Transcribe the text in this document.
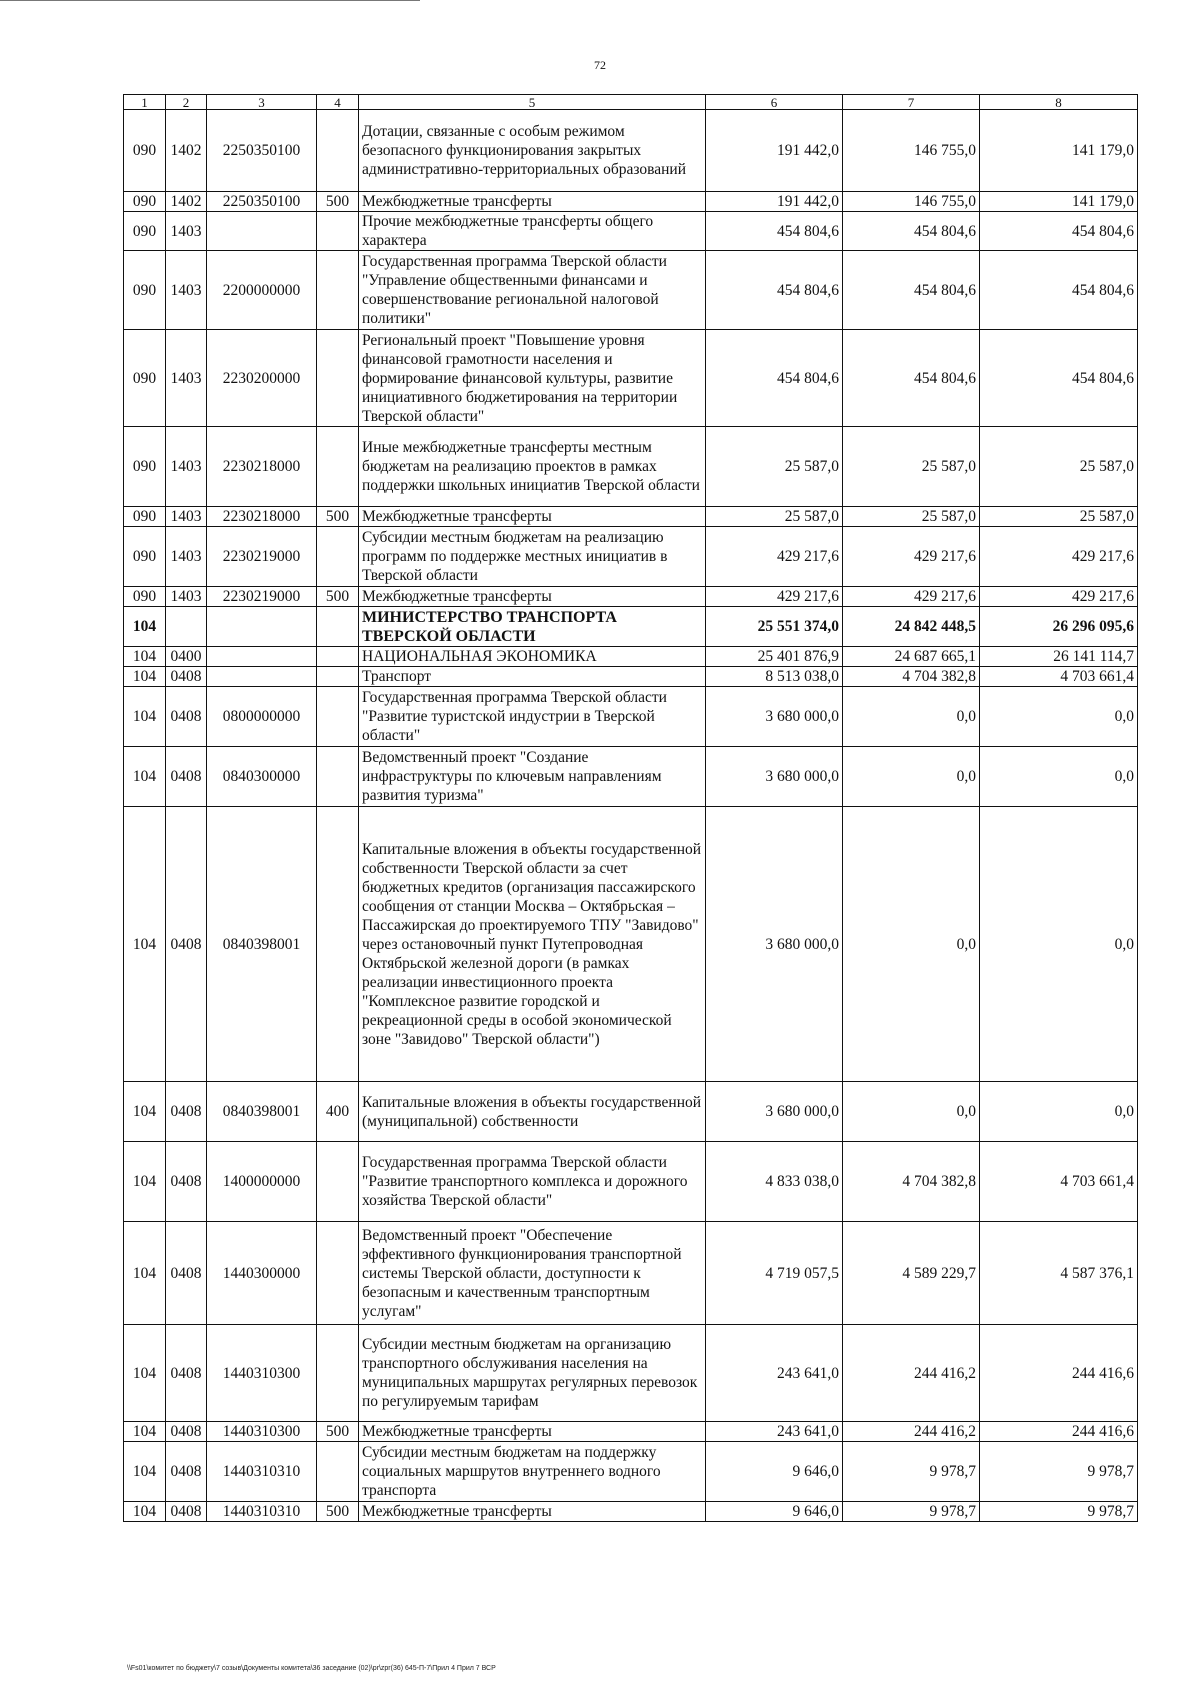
72
1	2	3	4	5	6	7	8
090	1402	2250350100		Дотации, связанные с особым режимом безопасного функционирования закрытых административно-территориальных образований	191 442,0	146 755,0	141 179,0
090	1402	2250350100	500	Межбюджетные трансферты	191 442,0	146 755,0	141 179,0
090	1403			Прочие межбюджетные трансферты общего характера	454 804,6	454 804,6	454 804,6
090	1403	2200000000		Государственная программа Тверской области "Управление общественными финансами и совершенствование региональной налоговой политики"	454 804,6	454 804,6	454 804,6
090	1403	2230200000		Региональный проект "Повышение уровня финансовой грамотности населения и формирование финансовой культуры, развитие инициативного бюджетирования на территории Тверской области"	454 804,6	454 804,6	454 804,6
090	1403	2230218000		Иные межбюджетные трансферты местным бюджетам на реализацию проектов в рамках поддержки школьных инициатив Тверской области	25 587,0	25 587,0	25 587,0
090	1403	2230218000	500	Межбюджетные трансферты	25 587,0	25 587,0	25 587,0
090	1403	2230219000		Субсидии местным бюджетам на реализацию программ по поддержке местных инициатив в Тверской области	429 217,6	429 217,6	429 217,6
090	1403	2230219000	500	Межбюджетные трансферты	429 217,6	429 217,6	429 217,6
104				МИНИСТЕРСТВО ТРАНСПОРТА ТВЕРСКОЙ ОБЛАСТИ	25 551 374,0	24 842 448,5	26 296 095,6
104	0400			НАЦИОНАЛЬНАЯ ЭКОНОМИКА	25 401 876,9	24 687 665,1	26 141 114,7
104	0408			Транспорт	8 513 038,0	4 704 382,8	4 703 661,4
104	0408	0800000000		Государственная программа Тверской области "Развитие туристской индустрии в Тверской области"	3 680 000,0	0,0	0,0
104	0408	0840300000		Ведомственный проект "Создание инфраструктуры по ключевым направлениям развития туризма"	3 680 000,0	0,0	0,0
104	0408	0840398001		Капитальные вложения в объекты государственной собственности Тверской области за счет бюджетных кредитов (организация пассажирского сообщения от станции Москва – Октябрьская – Пассажирская до проектируемого ТПУ "Завидово" через остановочный пункт Путепроводная Октябрьской железной дороги (в рамках реализации инвестиционного проекта "Комплексное развитие городской и рекреационной среды в особой экономической зоне "Завидово" Тверской области")	3 680 000,0	0,0	0,0
104	0408	0840398001	400	Капитальные вложения в объекты государственной (муниципальной) собственности	3 680 000,0	0,0	0,0
104	0408	1400000000		Государственная программа Тверской области "Развитие транспортного комплекса и дорожного хозяйства Тверской области"	4 833 038,0	4 704 382,8	4 703 661,4
104	0408	1440300000		Ведомственный проект "Обеспечение эффективного функционирования транспортной системы Тверской области, доступности к безопасным и качественным транспортным услугам"	4 719 057,5	4 589 229,7	4 587 376,1
104	0408	1440310300		Субсидии местным бюджетам на организацию транспортного обслуживания населения на муниципальных маршрутах регулярных перевозок по регулируемым тарифам	243 641,0	244 416,2	244 416,6
104	0408	1440310300	500	Межбюджетные трансферты	243 641,0	244 416,2	244 416,6
104	0408	1440310310		Субсидии местным бюджетам на поддержку социальных маршрутов внутреннего водного транспорта	9 646,0	9 978,7	9 978,7
104	0408	1440310310	500	Межбюджетные трансферты	9 646,0	9 978,7	9 978,7
\\Fs01\комитет по бюджету\7 созыв\Документы комитета\36 заседание (02)\pr\zpr(36) 645-П-7\Прил 4 Прил 7 ВСР
